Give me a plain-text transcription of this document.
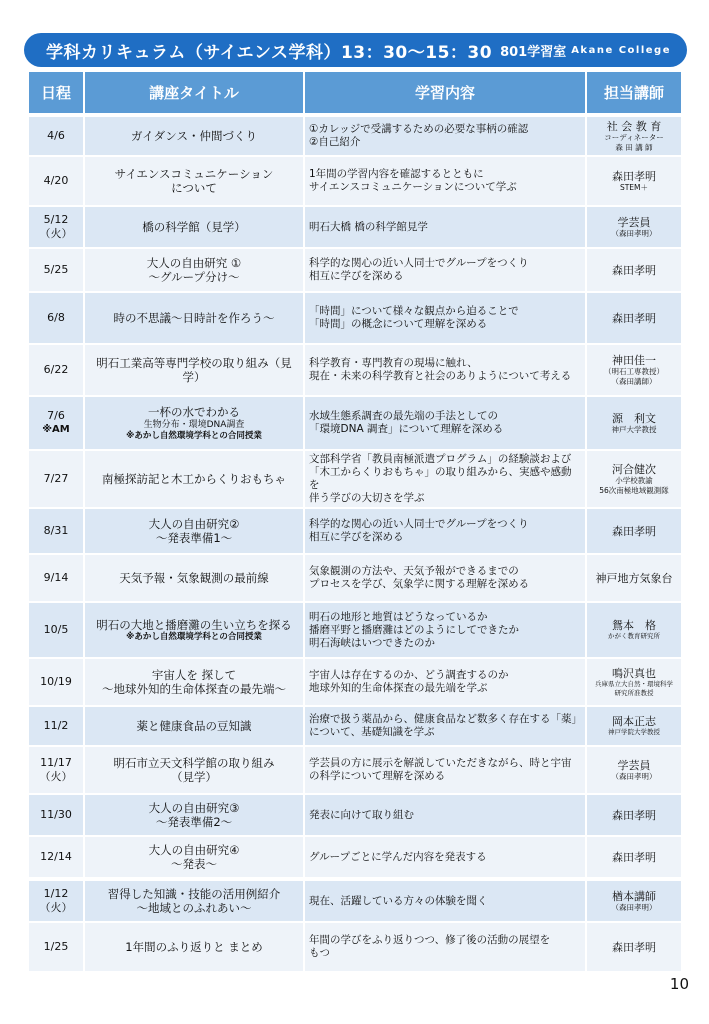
学科カリキュラム（サイエンス学科）13：30〜15：30 801学習室 Akane College
日程	講座タイトル	学習内容	担当講師
4/6	ガイダンス・仲間づくり	①カレッジで受講するための必要な事柄の確認
②自己紹介	社 会 教 育
コーディネーター
森 田 講 師

4/20	サイエンスコミュニケーション
について	1年間の学習内容を確認するとともに
サイエンスコミュニケーションについて学ぶ	森田孝明
STEM＋

5/12
（火）	橋の科学館（見学）	明石大橋 橋の科学館見学	学芸員
（森田孝明）

5/25	大人の自由研究 ①
〜グループ分け〜	科学的な関心の近い人同士でグループをつくり
相互に学びを深める	森田孝明

6/8	時の不思議〜日時計を作ろう〜	「時間」について様々な観点から迫ることで
「時間」の概念について理解を深める	森田孝明

6/22	明石工業高等専門学校の取り組み（見学）	科学教育・専門教育の現場に触れ、
現在・未来の科学教育と社会のありようについて考える	神田佳一
（明石工専教授）
（森田講師）

7/6
※AM	一杯の水でわかる
生物分布・環境DNA調査
※あかし自然環境学科との合同授業	水域生態系調査の最先端の手法としての
「環境DNA 調査」について理解を深める	源　利文
神戸大学教授

7/27	南極探訪記と木工からくりおもちゃ	文部科学省「教員南極派遣プログラム」の経験談および
「木工からくりおもちゃ」の取り組みから、実感や感動を
伴う学びの大切さを学ぶ	河合健次
小学校教諭
56次南極地域観測隊
8/31	大人の自由研究②
〜発表準備1〜	科学的な関心の近い人同士でグループをつくり
相互に学びを深める	森田孝明

9/14	天気予報・気象観測の最前線	気象観測の方法や、天気予報ができるまでの
プロセスを学び、気象学に関する理解を深める	神戸地方気象台

10/5	明石の大地と播磨灘の生い立ちを探る
※あかし自然環境学科との合同授業	明石の地形と地質はどうなっているか
播磨平野と播磨灘はどのようにしてできたか
明石海峡はいつできたのか	鴛本　格
かがく教育研究所

10/19	宇宙人を 探して
〜地球外知的生命体探査の最先端〜	宇宙人は存在するのか、どう調査するのか
地球外知的生命体探査の最先端を学ぶ	鳴沢真也
兵庫県立大自然・環境科学
研究所准教授

11/2	薬と健康食品の豆知識	治療で扱う薬品から、健康食品など数多く存在する「薬」
について、基礎知識を学ぶ	岡本正志
神戸学院大学教授

11/17
（火）	明石市立天文科学館の取り組み
（見学）	学芸員の方に展示を解説していただきながら、時と宇宙
の科学について理解を深める	学芸員
（森田孝明）

11/30	大人の自由研究③
〜発表準備2〜	発表に向けて取り組む	森田孝明

12/14	大人の自由研究④
〜発表〜	グループごとに学んだ内容を発表する	森田孝明
1/12
（火）	習得した知識・技能の活用例紹介
〜地域とのふれあい〜	現在、活躍している方々の体験を聞く	楢本講師
（森田孝明）

1/25	1年間のふり返りと まとめ	年間の学びをふり返りつつ、修了後の活動の展望を
もつ	森田孝明
10
